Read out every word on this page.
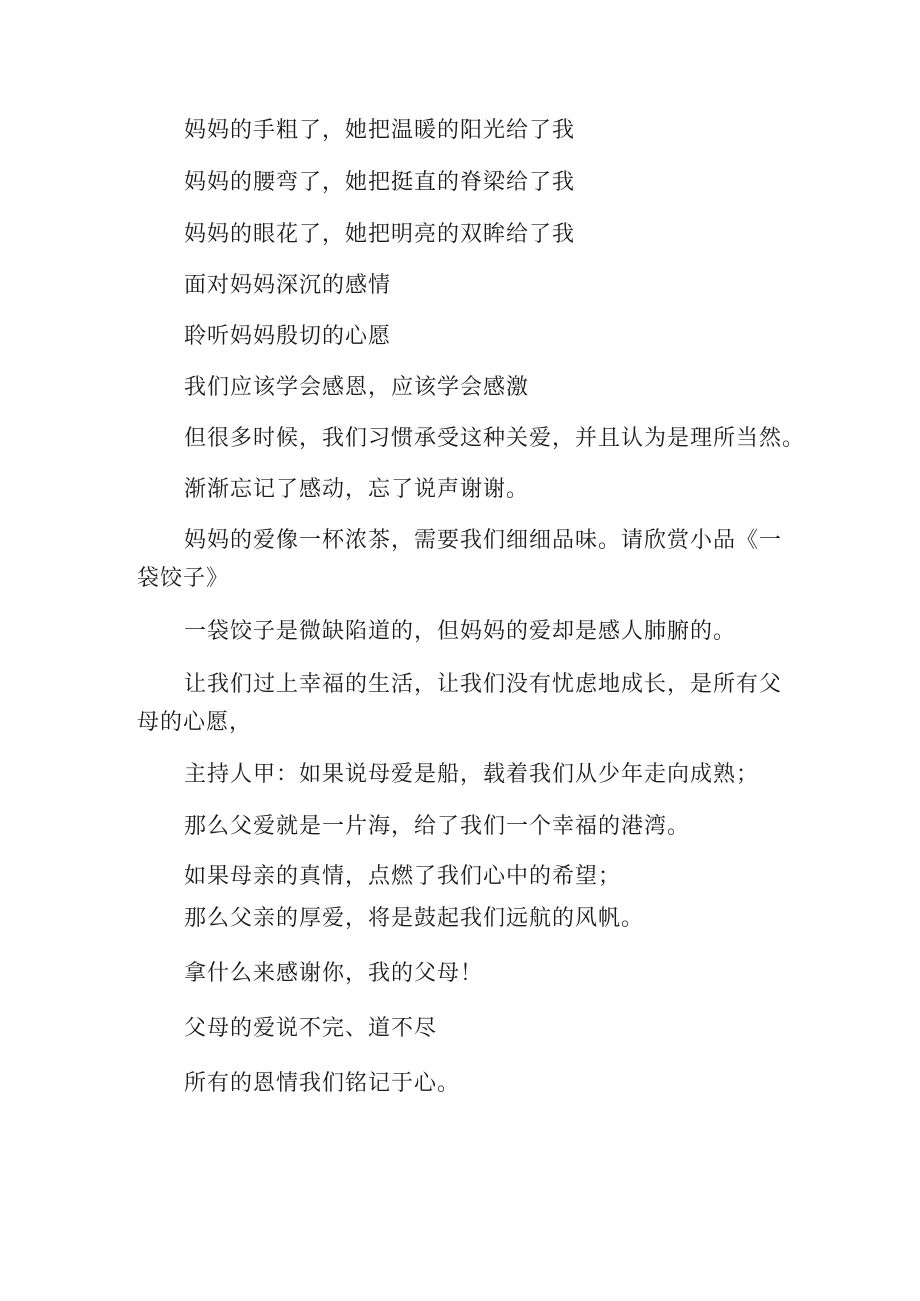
妈妈的手粗了，她把温暖的阳光给了我

妈妈的腰弯了，她把挺直的脊梁给了我

妈妈的眼花了，她把明亮的双眸给了我

面对妈妈深沉的感情

聆听妈妈殷切的心愿

我们应该学会感恩，应该学会感激

但很多时候，我们习惯承受这种关爱，并且认为是理所当然。

渐渐忘记了感动，忘了说声谢谢。

妈妈的爱像一杯浓茶，需要我们细细品味。请欣赏小品《一袋饺子》

一袋饺子是微缺陷道的，但妈妈的爱却是感人肺腑的。

让我们过上幸福的生活，让我们没有忧虑地成长，是所有父母的心愿，

主持人甲：如果说母爱是船，载着我们从少年走向成熟；

那么父爱就是一片海，给了我们一个幸福的港湾。

如果母亲的真情，点燃了我们心中的希望；

那么父亲的厚爱，将是鼓起我们远航的风帆。

拿什么来感谢你，我的父母！

父母的爱说不完、道不尽

所有的恩情我们铭记于心。
